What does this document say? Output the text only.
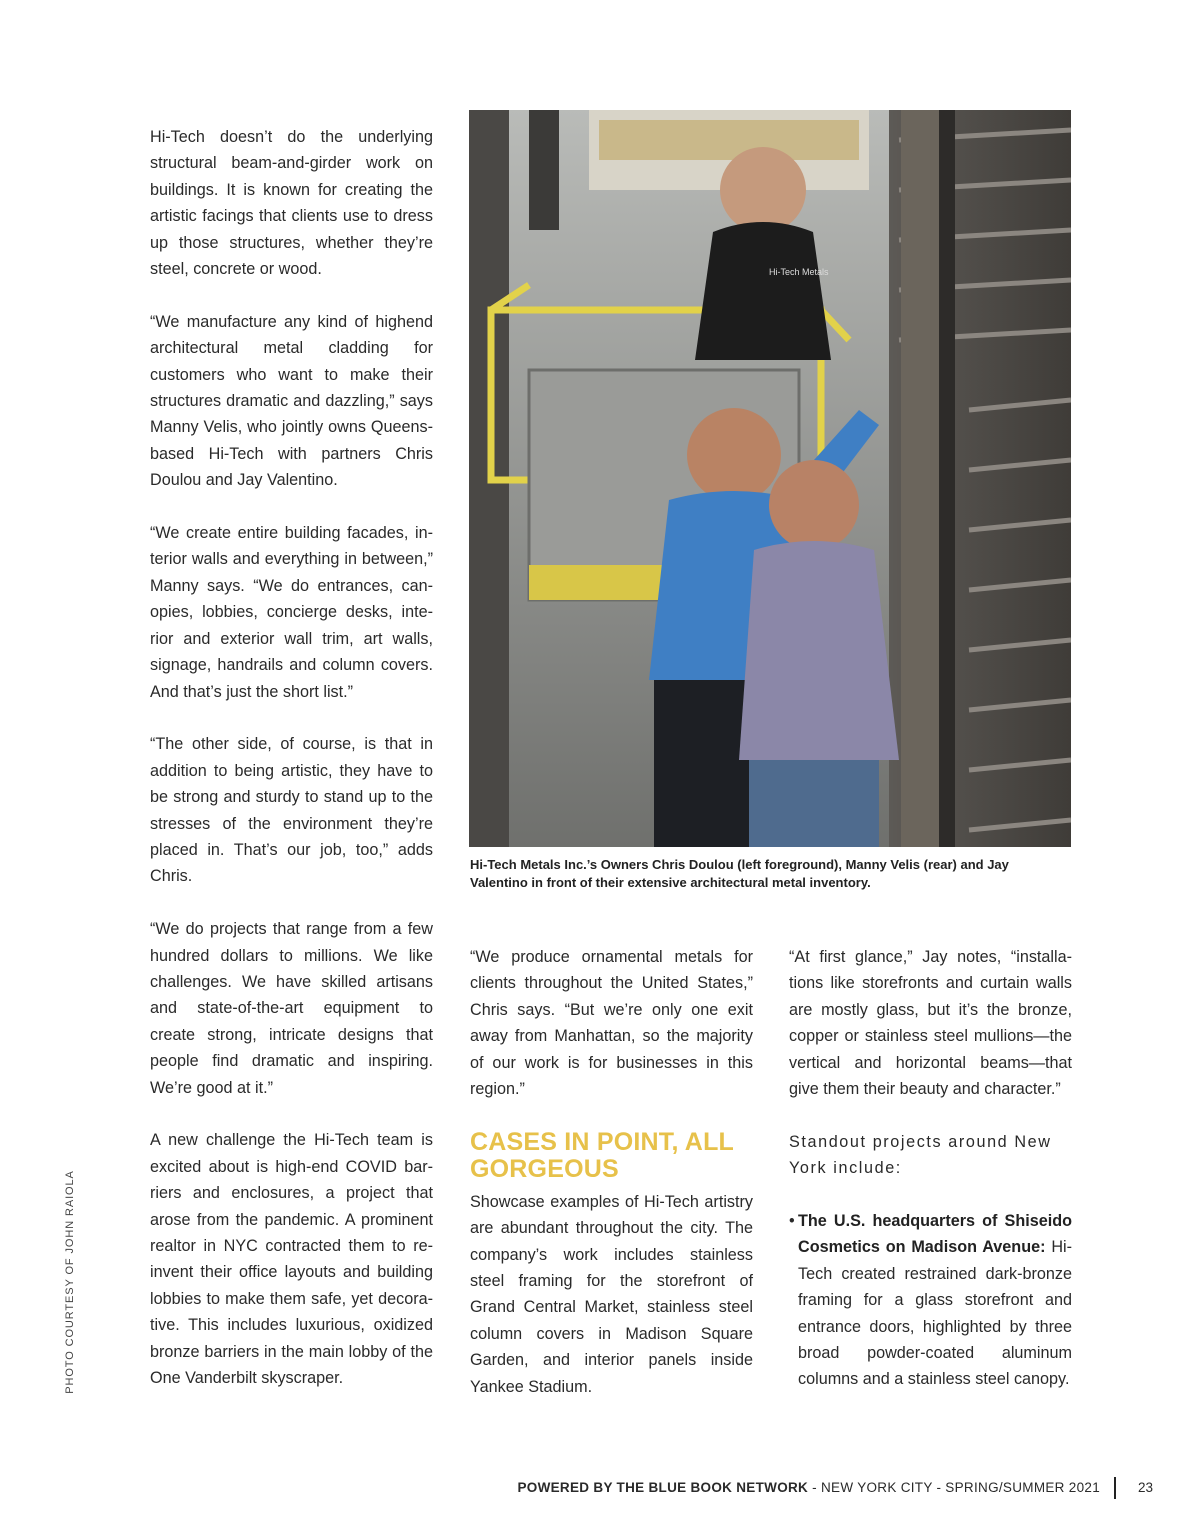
Hi-Tech doesn’t do the underlying structural beam-and-girder work on buildings. It is known for creating the artistic facings that clients use to dress up those structures, whether they’re steel, concrete or wood.

“We manufacture any kind of highend architectural metal cladding for customers who want to make their structures dramatic and dazzling,” says Manny Velis, who jointly owns Queens-based Hi-Tech with partners Chris Doulou and Jay Valentino.

“We create entire building facades, interior walls and everything in between,” Manny says. “We do entrances, canopies, lobbies, concierge desks, interior and exterior wall trim, art walls, signage, handrails and column covers. And that’s just the short list.”

“The other side, of course, is that in addition to being artistic, they have to be strong and sturdy to stand up to the stresses of the environment they’re placed in. That’s our job, too,” adds Chris.

“We do projects that range from a few hundred dollars to millions. We like challenges. We have skilled artisans and state-of-the-art equipment to create strong, intricate designs that people find dramatic and inspiring. We’re good at it.”

A new challenge the Hi-Tech team is excited about is high-end COVID barriers and enclosures, a project that arose from the pandemic. A prominent realtor in NYC contracted them to reinvent their office layouts and building lobbies to make them safe, yet decorative. This includes luxurious, oxidized bronze barriers in the main lobby of the One Vanderbilt skyscraper.

Hi-Tech Metals
Hi-Tech Metals Inc.’s Owners Chris Doulou (left foreground), Manny Velis (rear) and Jay Valentino in front of their extensive architectural metal inventory.
PHOTO COURTESY OF JOHN RAIOLA

“We produce ornamental metals for clients throughout the United States,” Chris says. “But we’re only one exit away from Manhattan, so the majority of our work is for businesses in this region.”

CASES IN POINT, ALL GORGEOUS

Showcase examples of Hi-Tech artistry are abundant throughout the city. The company’s work includes stainless steel framing for the storefront of Grand Central Market, stainless steel column covers in Madison Square Garden, and interior panels inside Yankee Stadium.

“At first glance,” Jay notes, “installations like storefronts and curtain walls are mostly glass, but it’s the bronze, copper or stainless steel mullions—the vertical and horizontal beams—that give them their beauty and character.”

Standout projects around New York include:

• The U.S. headquarters of Shiseido Cosmetics on Madison Avenue: Hi-Tech created restrained dark-bronze framing for a glass storefront and entrance doors, highlighted by three broad powder-coated aluminum columns and a stainless steel canopy.
POWERED BY THE BLUE BOOK NETWORK - NEW YORK CITY - SPRING/SUMMER 2021	23
